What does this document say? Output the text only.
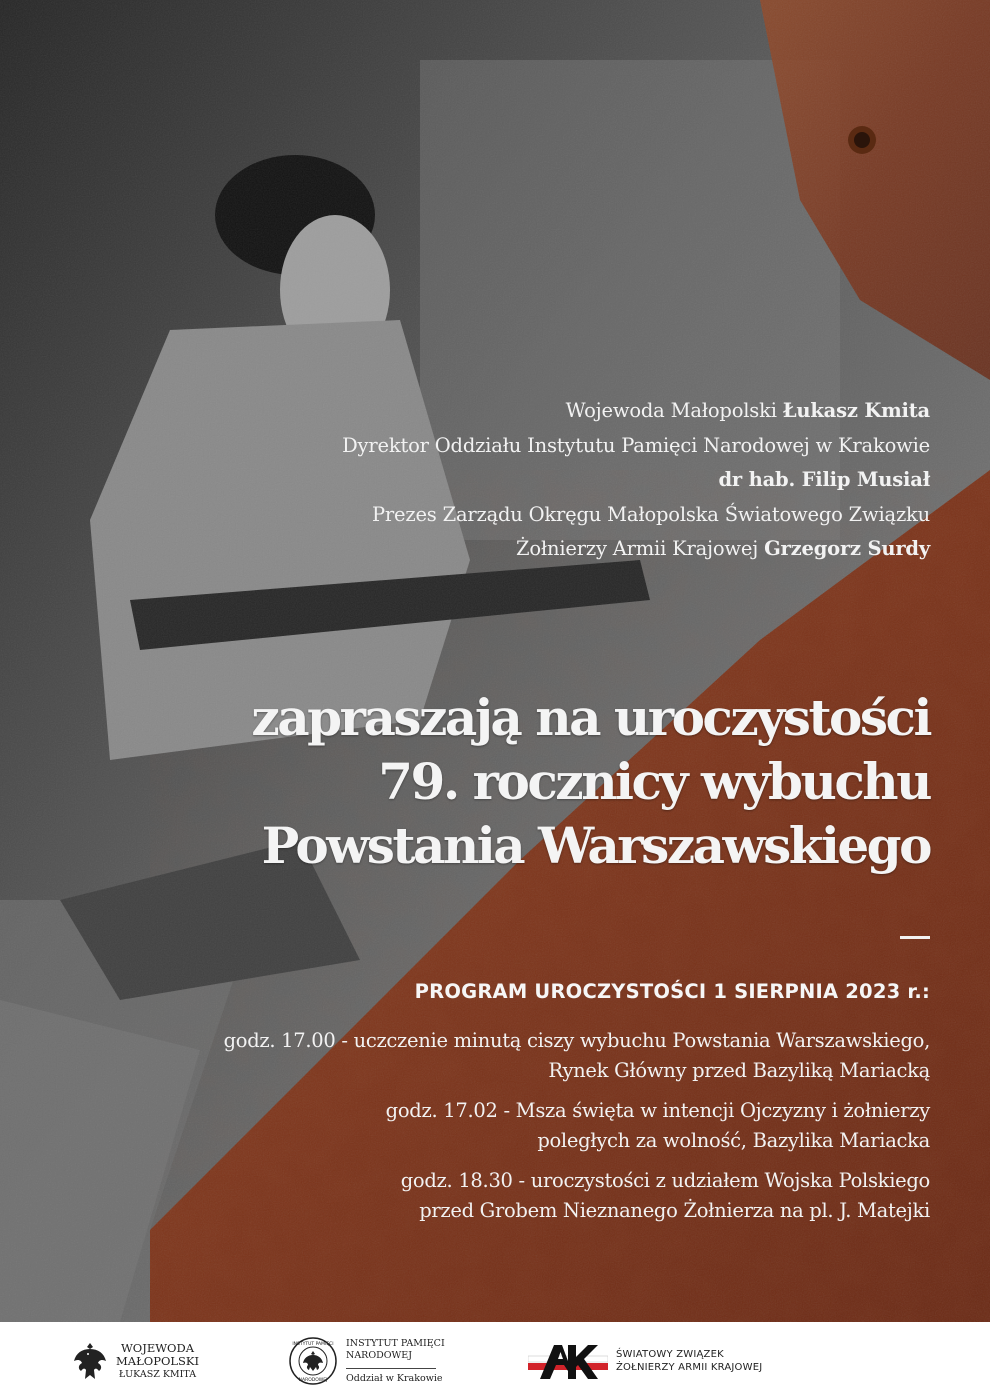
Wojewoda Małopolski Łukasz Kmita
Dyrektor Oddziału Instytutu Pamięci Narodowej w Krakowie
dr hab. Filip Musiał
Prezes Zarządu Okręgu Małopolska Światowego Związku
Żołnierzy Armii Krajowej Grzegorz Surdy
zapraszają na uroczystości
79. rocznicy wybuchu
Powstania Warszawskiego
PROGRAM UROCZYSTOŚCI 1 SIERPNIA 2023 r.:
godz. 17.00 - uczczenie minutą ciszy wybuchu Powstania Warszawskiego,
Rynek Główny przed Bazyliką Mariacką
godz. 17.02 - Msza święta w intencji Ojczyzny i żołnierzy
poległych za wolność, Bazylika Mariacka
godz. 18.30 - uroczystości z udziałem Wojska Polskiego
przed Grobem Nieznanego Żołnierza na pl. J. Matejki
WOJEWODA
MAŁOPOLSKI
ŁUKASZ KMITA
INSTYTUT PAMIĘCI
NARODOWEJ
INSTYTUT PAMIĘCI
NARODOWEJ
Oddział w Krakowie
ŚWIATOWY ZWIĄZEK
ŻOŁNIERZY ARMII KRAJOWEJ
